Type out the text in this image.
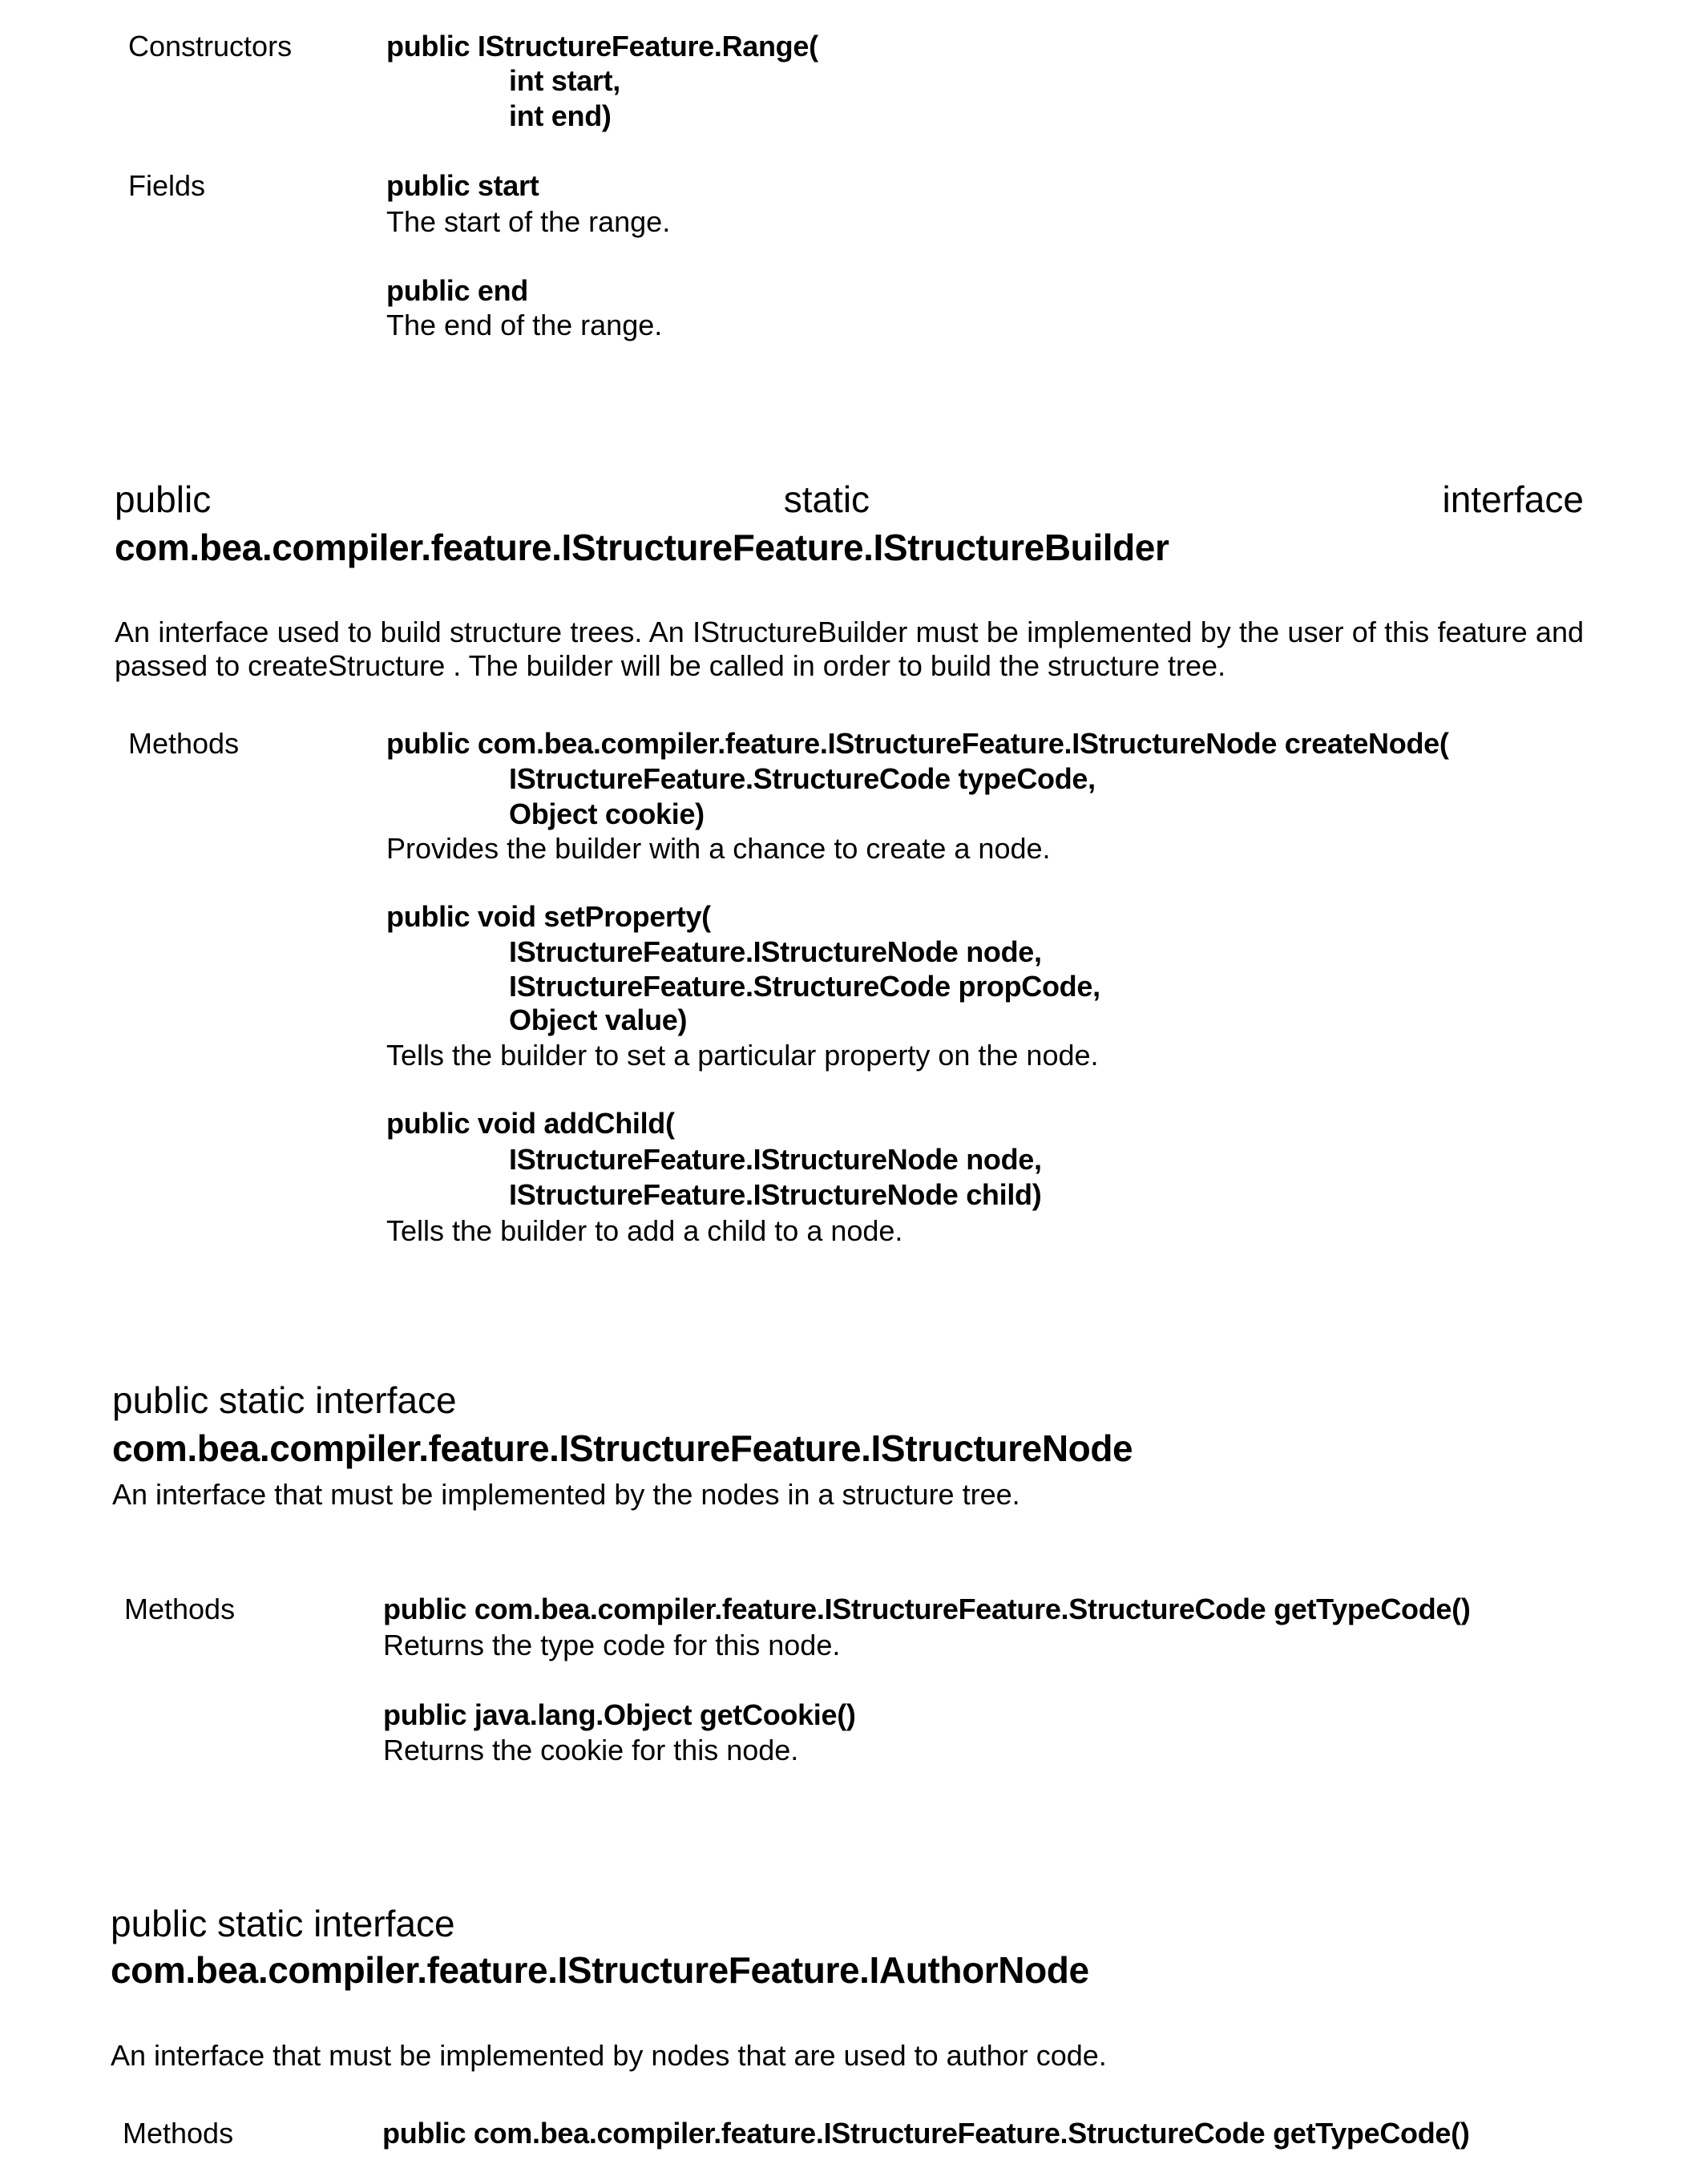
Constructors	public IStructureFeature.Range(
int start,
int end)
Fields	public start
The start of the range.
public end
The end of the range.
public	static	interface
com.bea.compiler.feature.IStructureFeature.IStructureBuilder
An interface used to build structure trees. An IStructureBuilder must be implemented by the user of this feature and passed to createStructure . The builder will be called in order to build the structure tree.
Methods	public com.bea.compiler.feature.IStructureFeature.IStructureNode createNode(
IStructureFeature.StructureCode typeCode,
Object cookie)
Provides the builder with a chance to create a node.
public void setProperty(
IStructureFeature.IStructureNode node,
IStructureFeature.StructureCode propCode,
Object value)
Tells the builder to set a particular property on the node.
public void addChild(
IStructureFeature.IStructureNode node,
IStructureFeature.IStructureNode child)
Tells the builder to add a child to a node.
public static interface
com.bea.compiler.feature.IStructureFeature.IStructureNode
An interface that must be implemented by the nodes in a structure tree.
Methods	public com.bea.compiler.feature.IStructureFeature.StructureCode getTypeCode()
Returns the type code for this node.
public java.lang.Object getCookie()
Returns the cookie for this node.
public static interface
com.bea.compiler.feature.IStructureFeature.IAuthorNode
An interface that must be implemented by nodes that are used to author code.
Methods	public com.bea.compiler.feature.IStructureFeature.StructureCode getTypeCode()
